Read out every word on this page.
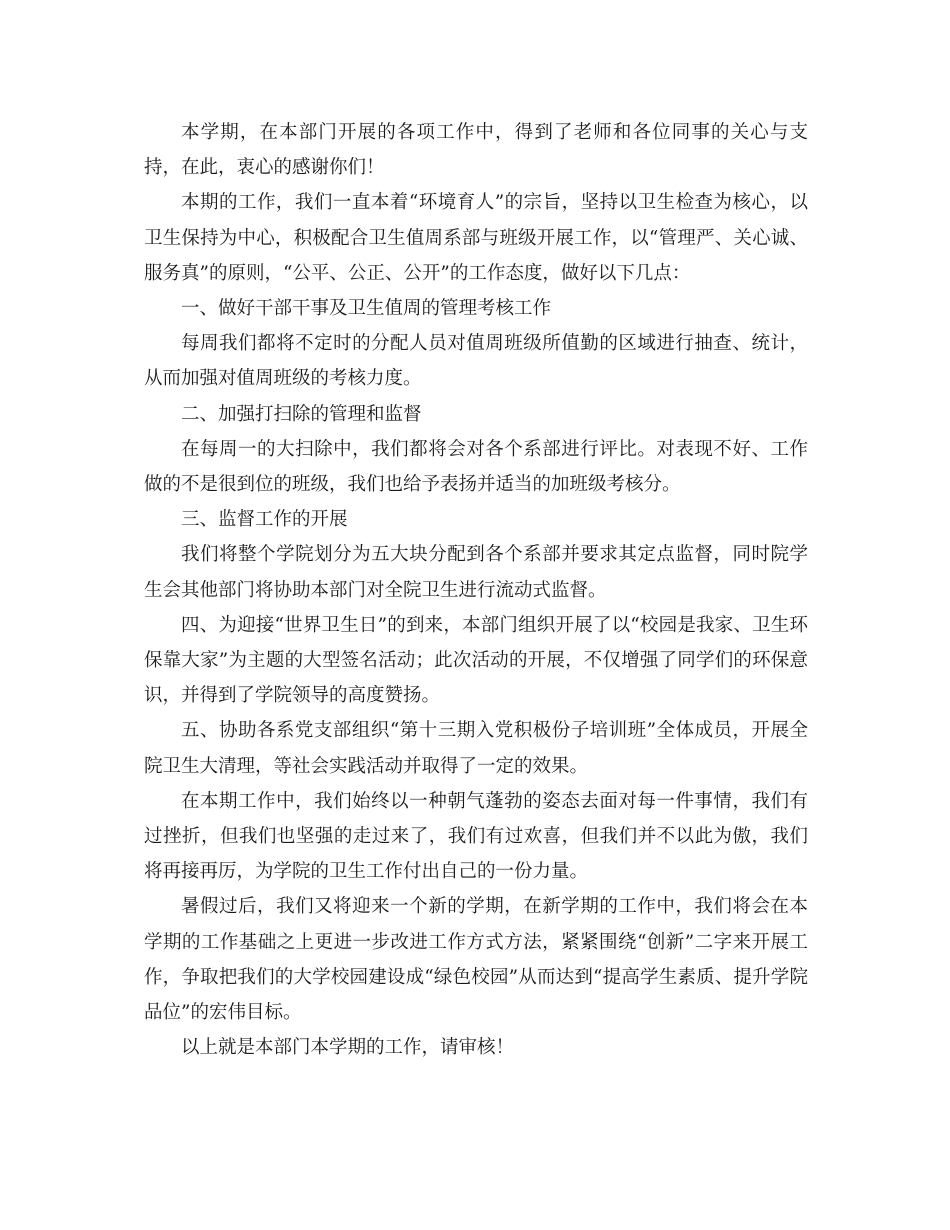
本学期，在本部门开展的各项工作中，得到了老师和各位同事的关心与支持，在此，衷心的感谢你们！

本期的工作，我们一直本着“环境育人”的宗旨，坚持以卫生检查为核心，以卫生保持为中心，积极配合卫生值周系部与班级开展工作，以“管理严、关心诚、服务真”的原则，“公平、公正、公开”的工作态度，做好以下几点：

一、做好干部干事及卫生值周的管理考核工作

每周我们都将不定时的分配人员对值周班级所值勤的区域进行抽查、统计，从而加强对值周班级的考核力度。

二、加强打扫除的管理和监督

在每周一的大扫除中，我们都将会对各个系部进行评比。对表现不好、工作做的不是很到位的班级，我们也给予表扬并适当的加班级考核分。

三、监督工作的开展

我们将整个学院划分为五大块分配到各个系部并要求其定点监督，同时院学生会其他部门将协助本部门对全院卫生进行流动式监督。

四、为迎接“世界卫生日”的到来，本部门组织开展了以“校园是我家、卫生环保靠大家”为主题的大型签名活动；此次活动的开展，不仅增强了同学们的环保意识，并得到了学院领导的高度赞扬。

五、协助各系党支部组织“第十三期入党积极份子培训班”全体成员，开展全院卫生大清理，等社会实践活动并取得了一定的效果。

在本期工作中，我们始终以一种朝气蓬勃的姿态去面对每一件事情，我们有过挫折，但我们也坚强的走过来了，我们有过欢喜，但我们并不以此为傲，我们将再接再厉，为学院的卫生工作付出自己的一份力量。

暑假过后，我们又将迎来一个新的学期，在新学期的工作中，我们将会在本学期的工作基础之上更进一步改进工作方式方法，紧紧围绕“创新”二字来开展工作，争取把我们的大学校园建设成“绿色校园”从而达到“提高学生素质、提升学院品位”的宏伟目标。

以上就是本部门本学期的工作，请审核！
